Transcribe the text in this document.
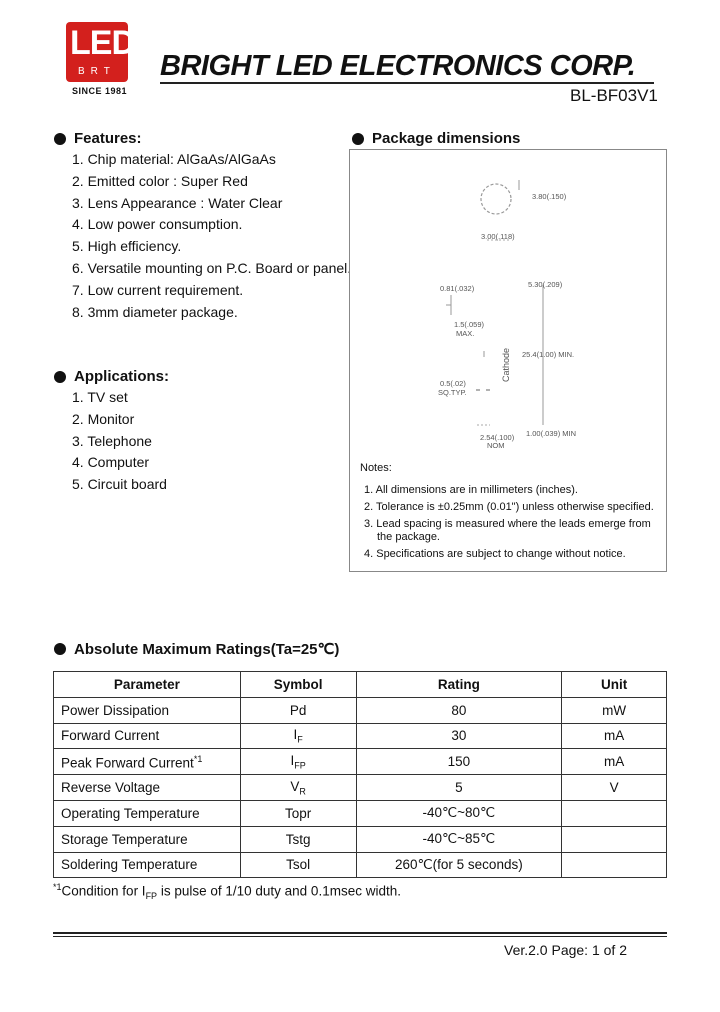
LED
BRT
SINCE 1981
BRIGHT LED ELECTRONICS CORP.
BL-BF03V1
Features:
1. Chip material: AlGaAs/AlGaAs
2. Emitted color : Super Red
3. Lens Appearance : Water Clear
4. Low power consumption.
5. High efficiency.
6. Versatile mounting on P.C. Board or panel.
7. Low current requirement.
8. 3mm diameter package.
Applications:
1. TV set
2. Monitor
3. Telephone
4. Computer
5. Circuit board
Package dimensions
3.80(.150)
3.00(.118)
0.81(.032)	5.30(.209)
1.5(.059)
MAX.
25.4(1.00) MIN.
0.5(.02)
SQ.TYP.
Cathode
2.54(.100)
NOM
1.00(.039) MIN
Notes:
1. All dimensions are in millimeters (inches).
2. Tolerance is ±0.25mm (0.01") unless otherwise specified.
3. Lead spacing is measured where the leads emerge from the package.
4. Specifications are subject to change without notice.
Absolute Maximum Ratings(Ta=25℃)
Parameter	Symbol	Rating	Unit
Power Dissipation	Pd	80	mW
Forward Current	$I_F$	30	mA
Peak Forward Current$^{*1}$	$I_{FP}$	150	mA
Reverse Voltage	$V_R$	5	V
Operating Temperature	Topr	-40℃~80℃	
Storage Temperature	Tstg	-40℃~85℃	
Soldering Temperature	Tsol	260℃(for 5 seconds)	
$^{*1}$Condition for $I_{FP}$ is pulse of 1/10 duty and 0.1msec width.
Ver.2.0 Page: 1 of 2
